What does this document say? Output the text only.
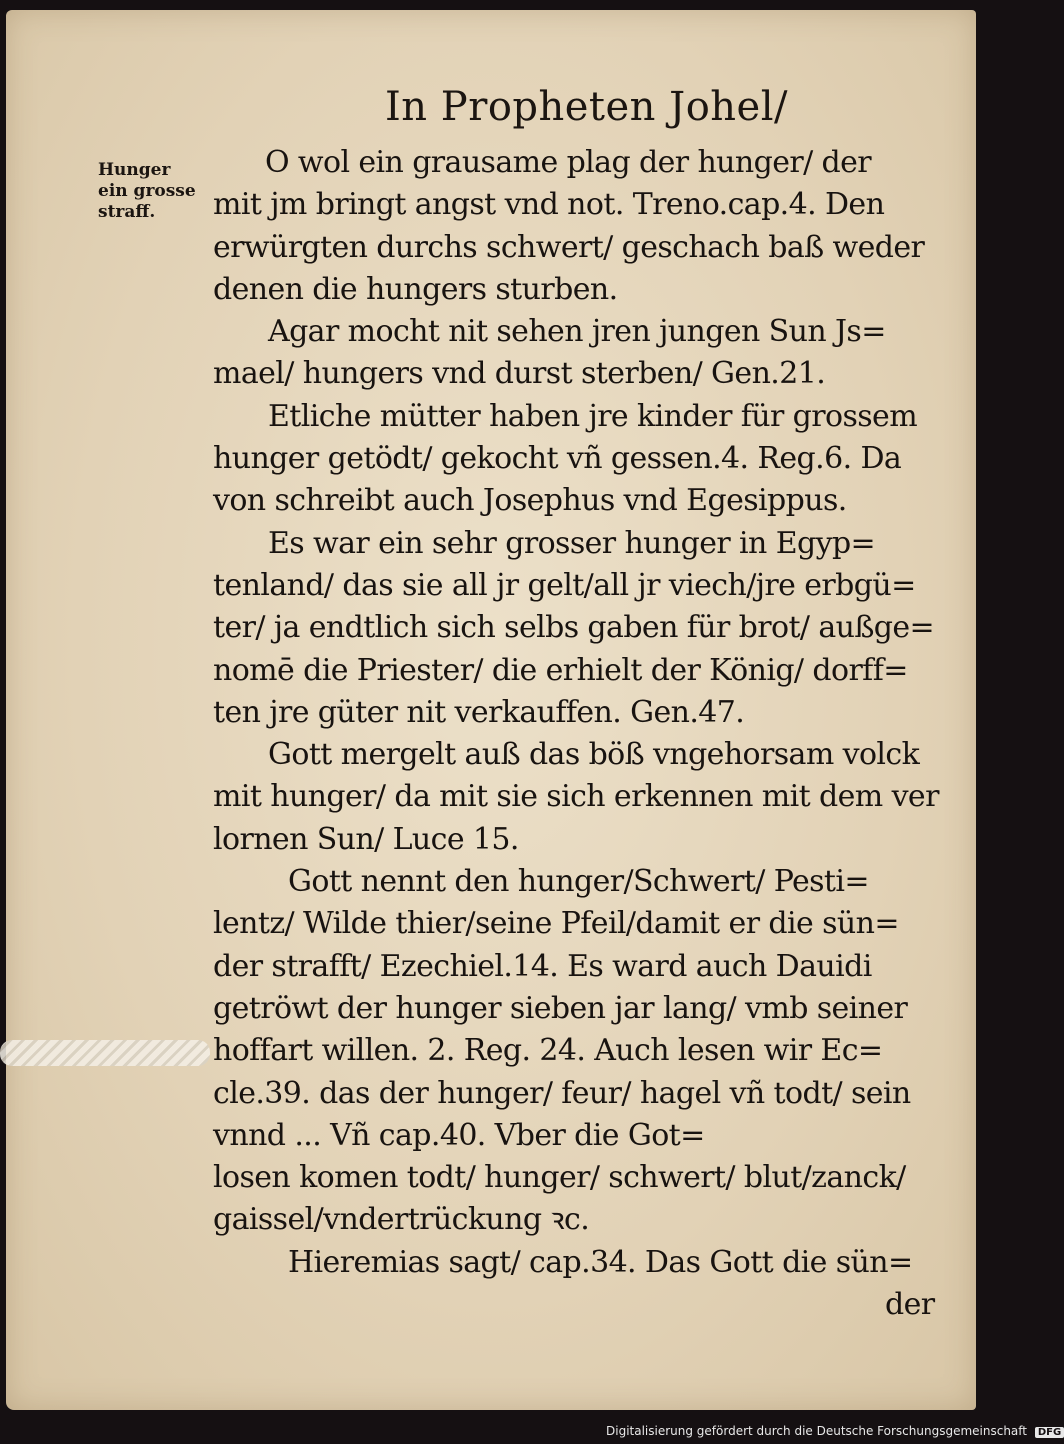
In Propheten Johel/
Hunger
ein grosse
straff.
O wol ein grausame plag der hunger/ der
mit jm bringt angst vnd not. Treno.cap.4. Den
erwürgten durchs schwert/ geschach baß weder
denen die hungers sturben.
Agar mocht nit sehen jren jungen Sun Js=
mael/ hungers vnd durst sterben/ Gen.21.
Etliche mütter haben jre kinder für grossem
hunger getödt/ gekocht vñ gessen.4. Reg.6. Da
von schreibt auch Josephus vnd Egesippus.
Es war ein sehr grosser hunger in Egyp=
tenland/ das sie all jr gelt/all jr viech/jre erbgü=
ter/ ja endtlich sich selbs gaben für brot/ außge=
nomē die Priester/ die erhielt der König/ dorff=
ten jre güter nit verkauffen. Gen.47.
Gott mergelt auß das böß vngehorsam volck
mit hunger/ da mit sie sich erkennen mit dem ver
lornen Sun/ Luce 15.
Gott nennt den hunger/Schwert/ Pesti=
lentz/ Wilde thier/seine Pfeil/damit er die sün=
der strafft/ Ezechiel.14. Es ward auch Dauidi
getröwt der hunger sieben jar lang/ vmb seiner
hoffart willen. 2. Reg. 24. Auch lesen wir Ec=
cle.39. das der hunger/ feur/ hagel vñ todt/ sein
vnnd ... Vñ cap.40. Vber die Got=
losen komen todt/ hunger/ schwert/ blut/zanck/
gaissel/vndertrückung ꝛc.
Hieremias sagt/ cap.34. Das Gott die sün=
der
Digitalisierung gefördert durch die Deutsche Forschungsgemeinschaft DFG
